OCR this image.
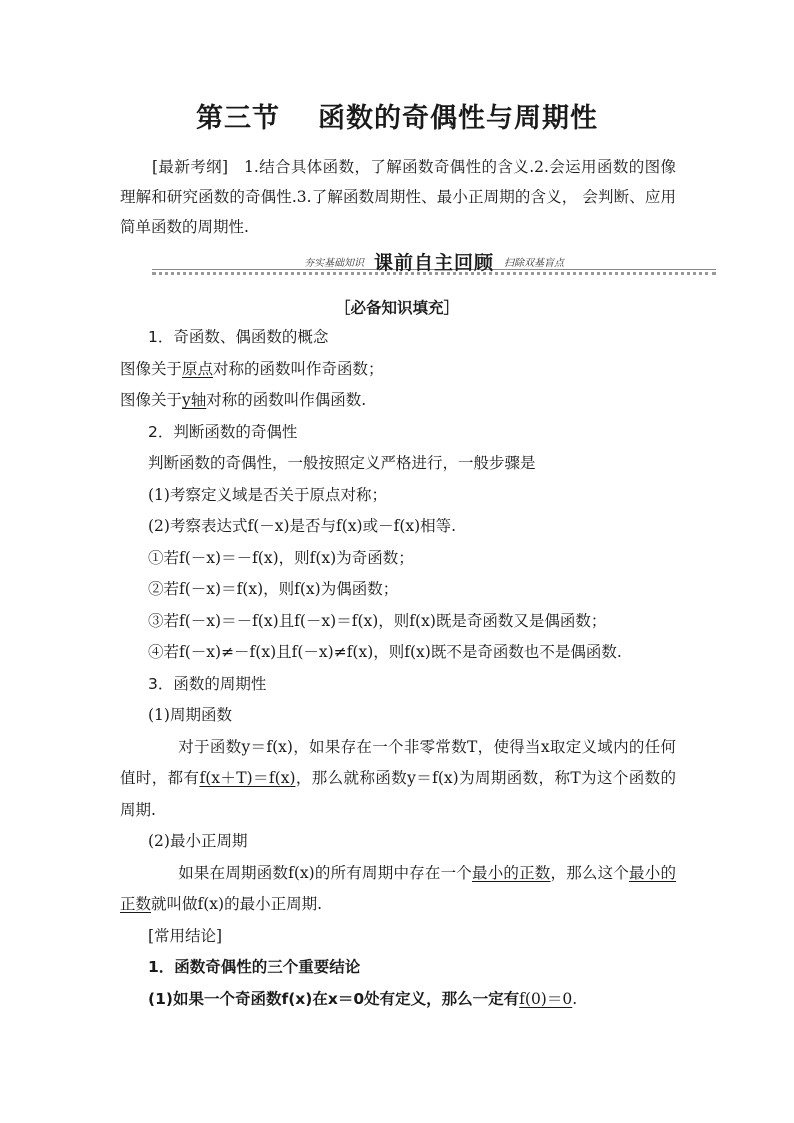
第三节 函数的奇偶性与周期性
[最新考纲] 1.结合具体函数，了解函数奇偶性的含义.2.会运用函数的图像理解和研究函数的奇偶性.3.了解函数周期性、最小正周期的含义， 会判断、应用简单函数的周期性.
夯实基础知识 课前自主回顾 扫除双基盲点
［必备知识填充］
1．奇函数、偶函数的概念
图像关于原点对称的函数叫作奇函数；
图像关于y轴对称的函数叫作偶函数.
2．判断函数的奇偶性
判断函数的奇偶性，一般按照定义严格进行，一般步骤是
(1)考察定义域是否关于原点对称；
(2)考察表达式f(－x)是否与f(x)或－f(x)相等.
①若f(－x)＝－f(x)，则f(x)为奇函数；
②若f(－x)＝f(x)，则f(x)为偶函数；
③若f(－x)＝－f(x)且f(－x)＝f(x)，则f(x)既是奇函数又是偶函数；
④若f(－x)≠－f(x)且f(－x)≠f(x)，则f(x)既不是奇函数也不是偶函数.
3．函数的周期性
(1)周期函数
对于函数y＝f(x)，如果存在一个非零常数T，使得当x取定义域内的任何值时，都有f(x＋T)＝f(x)，那么就称函数y＝f(x)为周期函数，称T为这个函数的周期.
(2)最小正周期
如果在周期函数f(x)的所有周期中存在一个最小的正数，那么这个最小的正数就叫做f(x)的最小正周期.
[常用结论]
1．函数奇偶性的三个重要结论
(1)如果一个奇函数f(x)在x＝0处有定义，那么一定有f(0)＝0.
